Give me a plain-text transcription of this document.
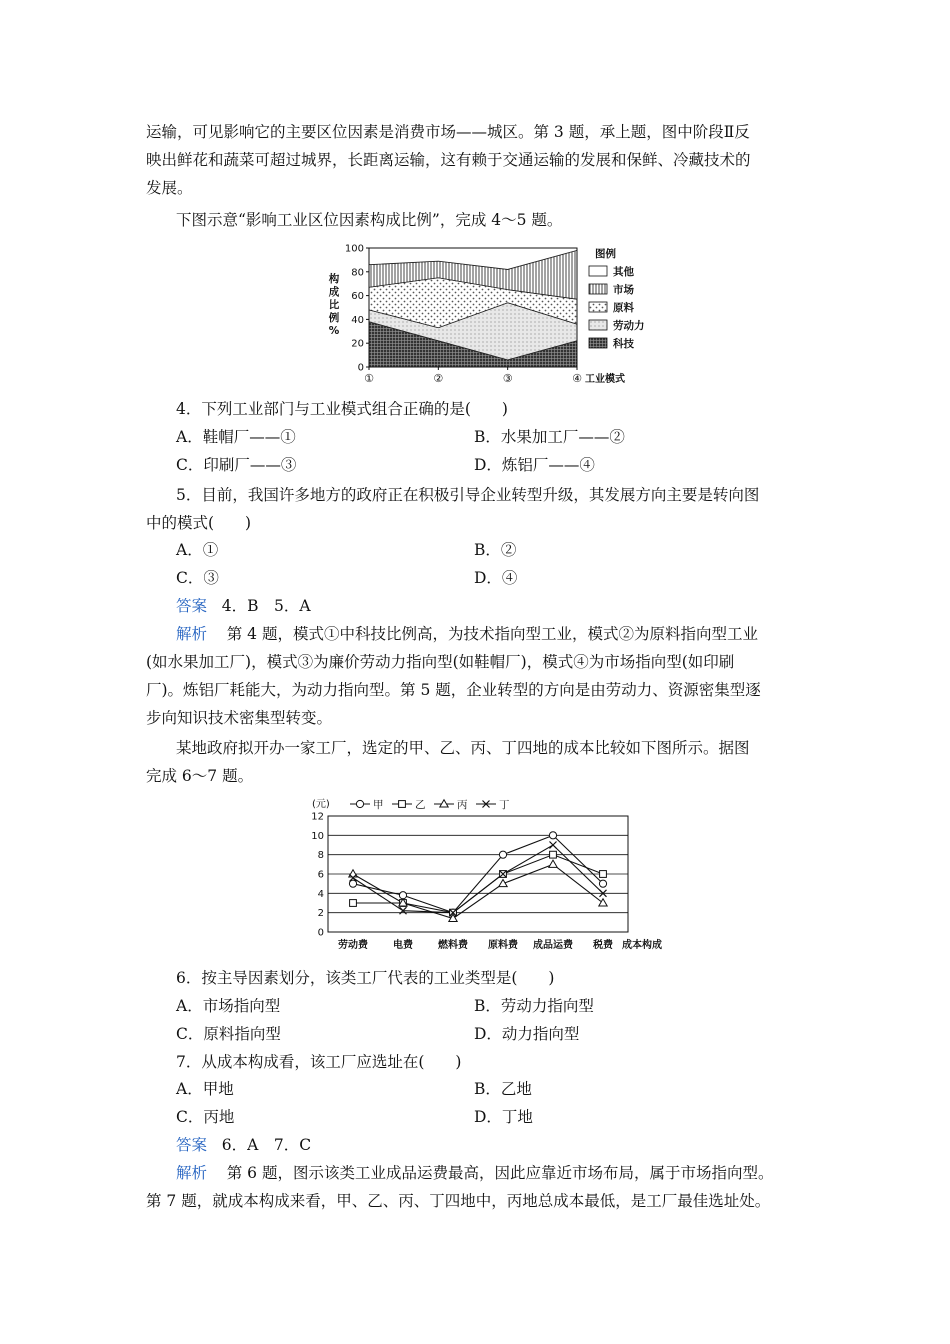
运输，可见影响它的主要区位因素是消费市场——城区。第 3 题，承上题，图中阶段Ⅱ反

映出鲜花和蔬菜可超过城界，长距离运输，这有赖于交通运输的发展和保鲜、冷藏技术的

发展。

下图示意“影响工业区位因素构成比例”，完成 4～5 题。

构
成
比
例
%
0
20
40
60
80
100
①	②	③	④ 工业模式
图例
其他
市场
原料
劳动力
科技

4．下列工业部门与工业模式组合正确的是(　　)

A．鞋帽厂——①	B．水果加工厂——②

C．印刷厂——③	D．炼铝厂——④

5．目前，我国许多地方的政府正在积极引导企业转型升级，其发展方向主要是转向图

中的模式(　　)

A．①	B．②

C．③	D．④

答案 4．B　5．A

解析 第 4 题，模式①中科技比例高，为技术指向型工业，模式②为原料指向型工业

(如水果加工厂)，模式③为廉价劳动力指向型(如鞋帽厂)，模式④为市场指向型(如印刷

厂)。炼铝厂耗能大，为动力指向型。第 5 题，企业转型的方向是由劳动力、资源密集型逐

步向知识技术密集型转变。

某地政府拟开办一家工厂，选定的甲、乙、丙、丁四地的成本比较如下图所示。据图

完成 6～7 题。

0
2
4
6
8
10
12
劳动费	电费	燃料费 原料费 成品运费 税费 成本构成
(元)	甲	乙	丙	丁

6．按主导因素划分，该类工厂代表的工业类型是(　　)

A．市场指向型	B．劳动力指向型

C．原料指向型	D．动力指向型

7．从成本构成看，该工厂应选址在(　　)

A．甲地	B．乙地

C．丙地	D．丁地

答案 6．A　7．C

解析 第 6 题，图示该类工业成品运费最高，因此应靠近市场布局，属于市场指向型。

第 7 题，就成本构成来看，甲、乙、丙、丁四地中，丙地总成本最低，是工厂最佳选址处。
